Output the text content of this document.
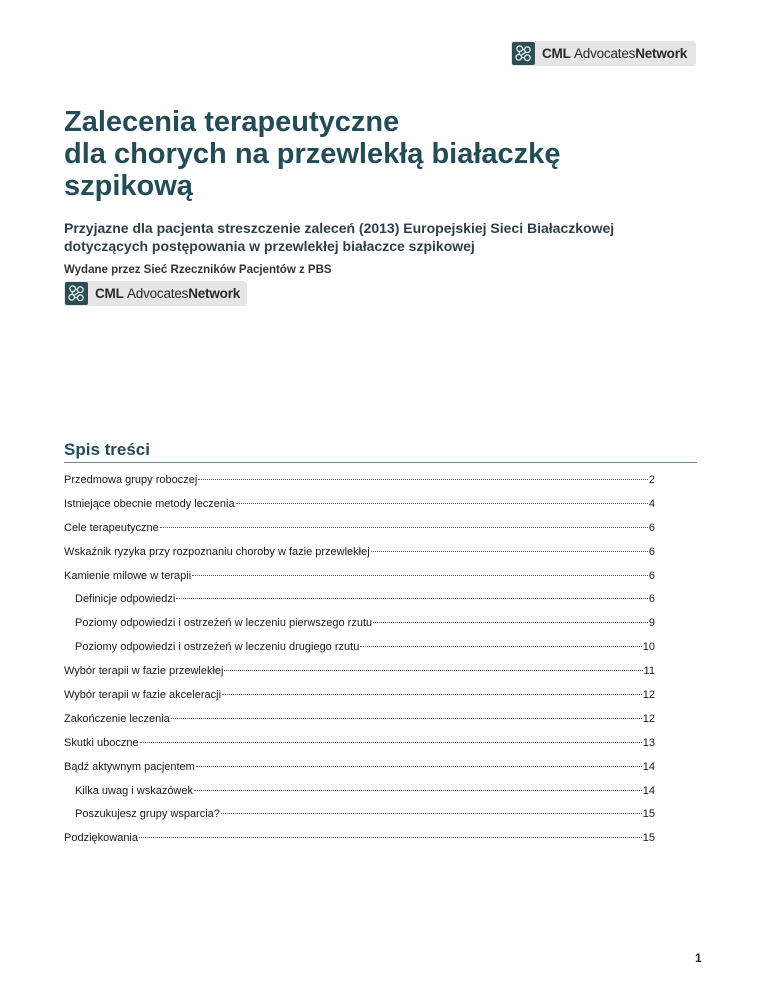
CML AdvocatesNetwork
Zalecenia terapeutyczne
dla chorych na przewlekłą białaczkę
szpikową
Przyjazne dla pacjenta streszczenie zaleceń (2013) Europejskiej Sieci Białaczkowej
dotyczących postępowania w przewlekłej białaczce szpikowej
Wydane przez Sieć Rzeczników Pacjentów z PBS
CML AdvocatesNetwork
Spis treści
Przedmowa grupy roboczej	2
Istniejące obecnie metody leczenia	4
Cele terapeutyczne	6
Wskaźnik ryzyka przy rozpoznaniu choroby w fazie przewlekłej	6
Kamienie milowe w terapii	6
Definicje odpowiedzi	6
Poziomy odpowiedzi i ostrzeżeń w leczeniu pierwszego rzutu	9
Poziomy odpowiedzi i ostrzeżeń w leczeniu drugiego rzutu	10
Wybór terapii w fazie przewlekłej	11
Wybór terapii w fazie akceleracji	12
Zakończenie leczenia	12
Skutki uboczne	13
Bądź aktywnym pacjentem	14
Kilka uwag i wskazówek	14
Poszukujesz grupy wsparcia?	15
Podziękowania	15
1
